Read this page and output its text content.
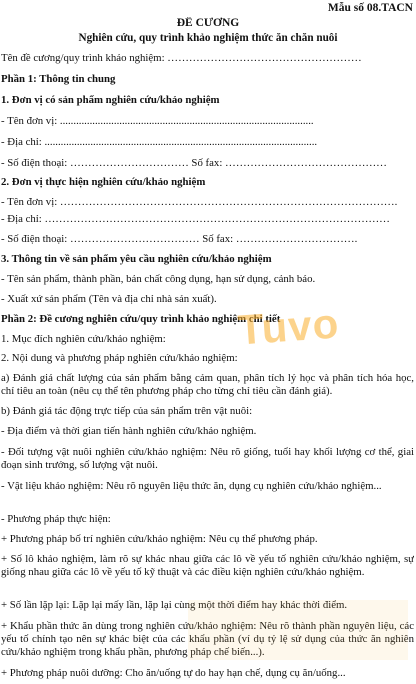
Mẫu số 08.TACN
ĐỀ CƯƠNG
Nghiên cứu, quy trình khảo nghiệm thức ăn chăn nuôi
Tên đề cương/quy trình khảo nghiệm: ………………………………………………
Phần 1: Thông tin chung
1. Đơn vị có sản phẩm nghiên cứu/khảo nghiệm
- Tên đơn vị: ..............................................................................................
- Địa chỉ: .....................................................................................................
- Số điện thoại: …………………………… Số fax: ………………………………………
2. Đơn vị thực hiện nghiên cứu/khảo nghiệm
- Tên đơn vị: ………………………………………………………………………………….
- Địa chỉ: ……………………………………………………………………………………
- Số điện thoại: ……………………………… Số fax: …………………………….
3. Thông tin về sản phẩm yêu cầu nghiên cứu/khảo nghiệm
- Tên sản phẩm, thành phần, bản chất công dụng, hạn sử dụng, cảnh báo.
- Xuất xứ sản phẩm (Tên và địa chỉ nhà sản xuất).
Phần 2: Đề cương nghiên cứu/quy trình khảo nghiệm chi tiết
1. Mục đích nghiên cứu/khảo nghiệm:
2. Nội dung và phương pháp nghiên cứu/khảo nghiệm:
a) Đánh giá chất lượng của sản phẩm bằng cảm quan, phân tích lý học và phân tích hóa học, chỉ tiêu an toàn (nêu cụ thể tên phương pháp cho từng chỉ tiêu cần đánh giá).
b) Đánh giá tác động trực tiếp của sản phẩm trên vật nuôi:
- Địa điểm và thời gian tiến hành nghiên cứu/khảo nghiệm.
- Đối tượng vật nuôi nghiên cứu/khảo nghiệm: Nêu rõ giống, tuổi hay khối lượng cơ thể, giai đoạn sinh trưởng, số lượng vật nuôi.
- Vật liệu khảo nghiệm: Nêu rõ nguyên liệu thức ăn, dụng cụ nghiên cứu/khảo nghiệm...
- Phương pháp thực hiện:
+ Phương pháp bố trí nghiên cứu/khảo nghiệm: Nêu cụ thể phương pháp.
+ Số lô khảo nghiệm, làm rõ sự khác nhau giữa các lô về yếu tố nghiên cứu/khảo nghiệm, sự giống nhau giữa các lô về yếu tố kỹ thuật và các điều kiện nghiên cứu/khảo nghiệm.
+ Số lần lặp lại: Lặp lại mấy lần, lặp lại cùng một thời điểm hay khác thời điểm.
+ Khẩu phần thức ăn dùng trong nghiên cứu/khảo nghiệm: Nêu rõ thành phần nguyên liệu, các yếu tố chính tạo nên sự khác biệt của các khẩu phần (ví dụ tỷ lệ sử dụng của thức ăn nghiên cứu/khảo nghiệm trong khẩu phần, phương pháp chế biến...).
+ Phương pháp nuôi dưỡng: Cho ăn/uống tự do hay hạn chế, dụng cụ ăn/uống...
Tuvo
